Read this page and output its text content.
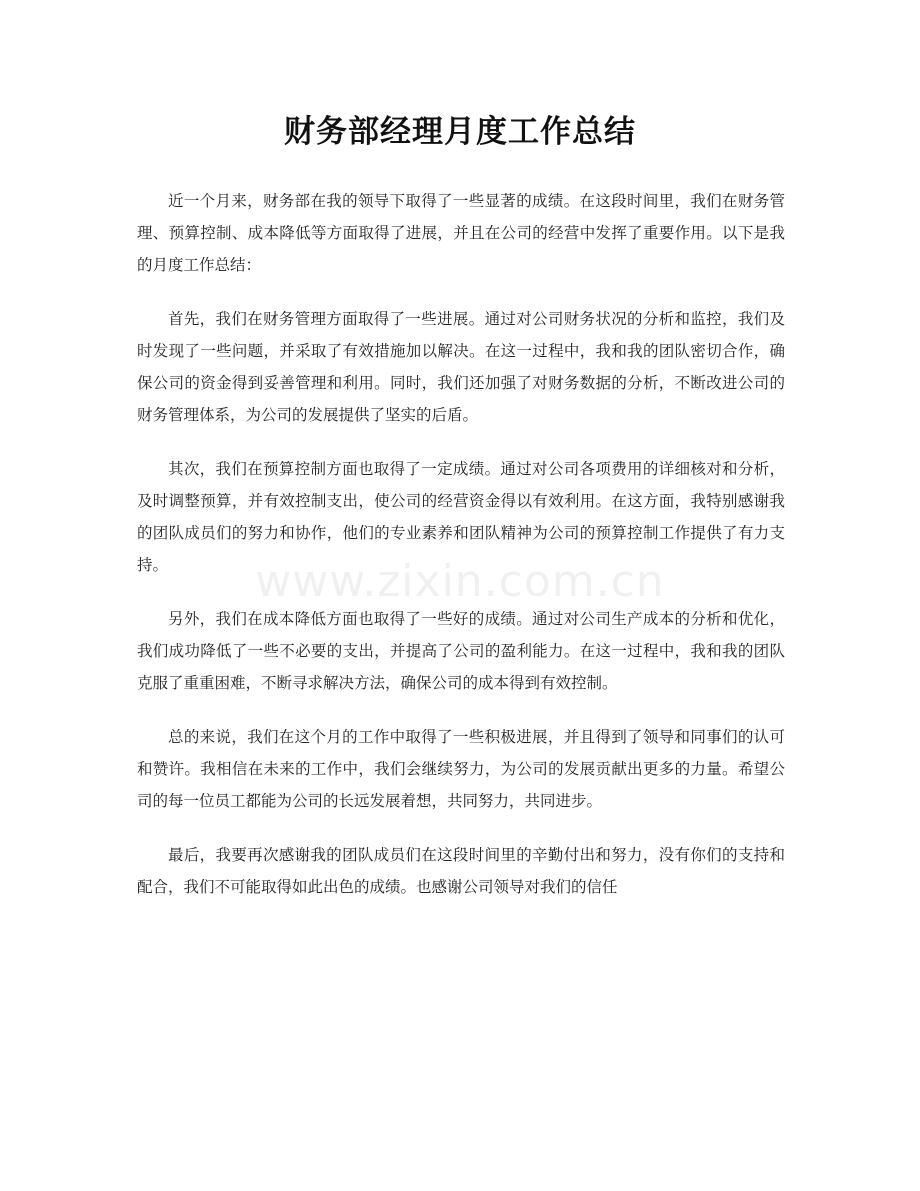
财务部经理月度工作总结
www.zixin.com.cn

近一个月来，财务部在我的领导下取得了一些显著的成绩。在这段时间里，我们在财务管理、预算控制、成本降低等方面取得了进展，并且在公司的经营中发挥了重要作用。以下是我的月度工作总结：

首先，我们在财务管理方面取得了一些进展。通过对公司财务状况的分析和监控，我们及时发现了一些问题，并采取了有效措施加以解决。在这一过程中，我和我的团队密切合作，确保公司的资金得到妥善管理和利用。同时，我们还加强了对财务数据的分析，不断改进公司的财务管理体系，为公司的发展提供了坚实的后盾。

其次，我们在预算控制方面也取得了一定成绩。通过对公司各项费用的详细核对和分析，及时调整预算，并有效控制支出，使公司的经营资金得以有效利用。在这方面，我特别感谢我的团队成员们的努力和协作，他们的专业素养和团队精神为公司的预算控制工作提供了有力支持。

另外，我们在成本降低方面也取得了一些好的成绩。通过对公司生产成本的分析和优化，我们成功降低了一些不必要的支出，并提高了公司的盈利能力。在这一过程中，我和我的团队克服了重重困难，不断寻求解决方法，确保公司的成本得到有效控制。

总的来说，我们在这个月的工作中取得了一些积极进展，并且得到了领导和同事们的认可和赞许。我相信在未来的工作中，我们会继续努力，为公司的发展贡献出更多的力量。希望公司的每一位员工都能为公司的长远发展着想，共同努力，共同进步。

最后，我要再次感谢我的团队成员们在这段时间里的辛勤付出和努力，没有你们的支持和配合，我们不可能取得如此出色的成绩。也感谢公司领导对我们的信任
